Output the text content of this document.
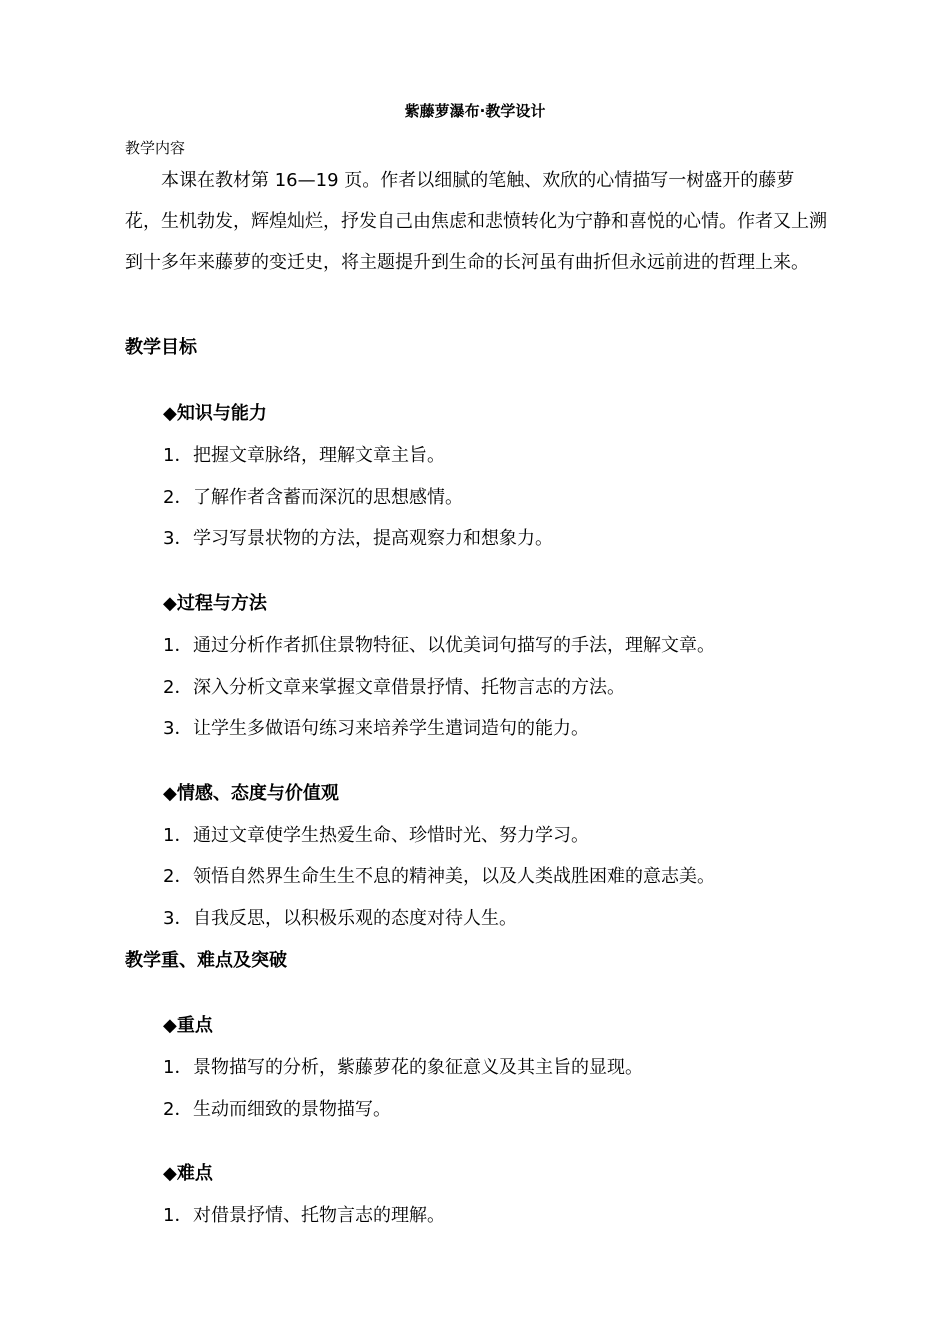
紫藤萝瀑布·教学设计
教学内容
本课在教材第 16—19 页。作者以细腻的笔触、欢欣的心情描写一树盛开的藤萝花，生机勃发，辉煌灿烂，抒发自己由焦虑和悲愤转化为宁静和喜悦的心情。作者又上溯到十多年来藤萝的变迁史，将主题提升到生命的长河虽有曲折但永远前进的哲理上来。
教学目标
◆知识与能力
1．把握文章脉络，理解文章主旨。
2．了解作者含蓄而深沉的思想感情。
3．学习写景状物的方法，提高观察力和想象力。
◆过程与方法
1．通过分析作者抓住景物特征、以优美词句描写的手法，理解文章。
2．深入分析文章来掌握文章借景抒情、托物言志的方法。
3．让学生多做语句练习来培养学生遣词造句的能力。
◆情感、态度与价值观
1．通过文章使学生热爱生命、珍惜时光、努力学习。
2．领悟自然界生命生生不息的精神美，以及人类战胜困难的意志美。
3．自我反思，以积极乐观的态度对待人生。
教学重、难点及突破
◆重点
1．景物描写的分析，紫藤萝花的象征意义及其主旨的显现。
2．生动而细致的景物描写。
◆难点
1．对借景抒情、托物言志的理解。
